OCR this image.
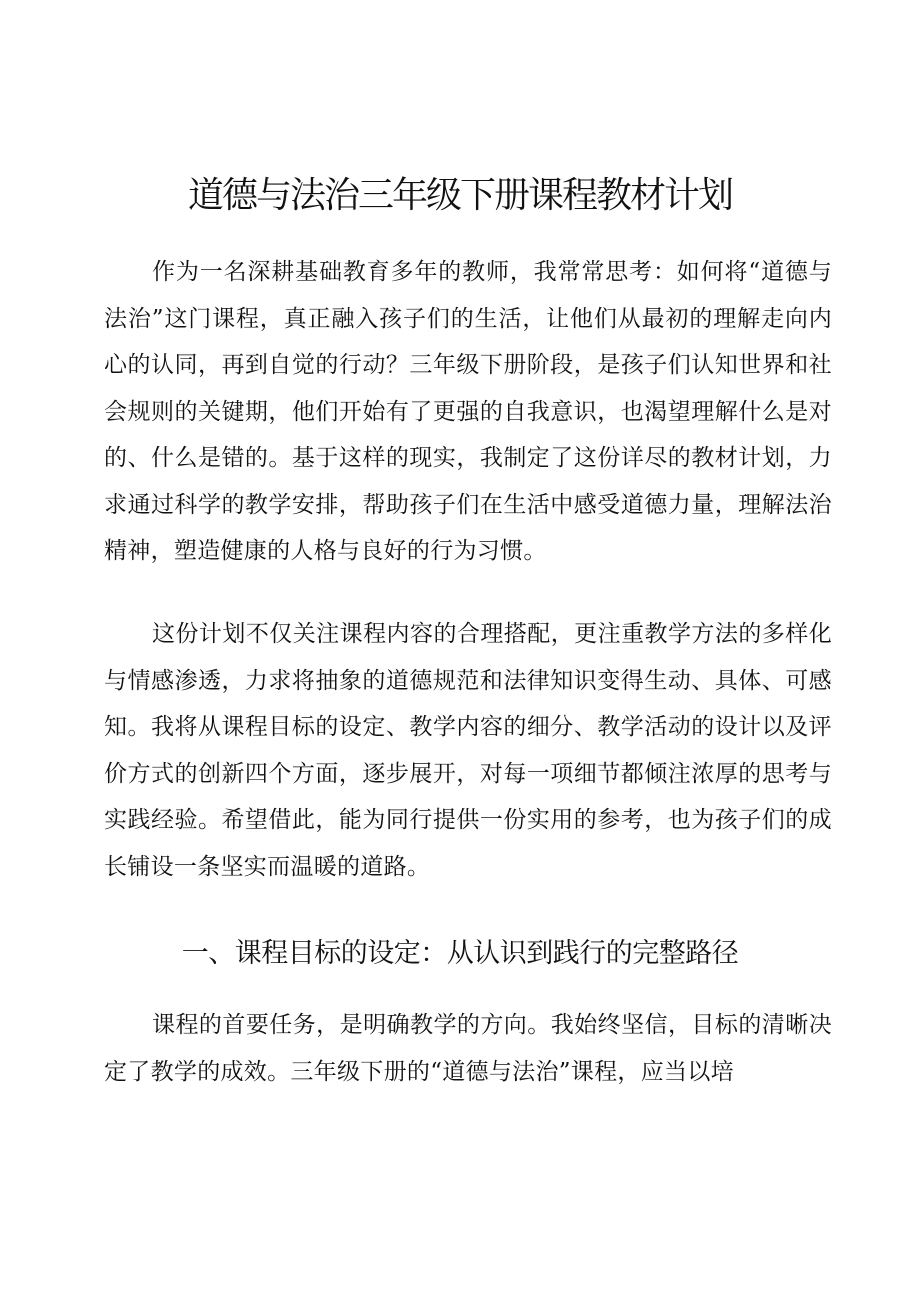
道德与法治三年级下册课程教材计划

作为一名深耕基础教育多年的教师，我常常思考：如何将“道德与法治”这门课程，真正融入孩子们的生活，让他们从最初的理解走向内心的认同，再到自觉的行动？三年级下册阶段，是孩子们认知世界和社会规则的关键期，他们开始有了更强的自我意识，也渴望理解什么是对的、什么是错的。基于这样的现实，我制定了这份详尽的教材计划，力求通过科学的教学安排，帮助孩子们在生活中感受道德力量，理解法治精神，塑造健康的人格与良好的行为习惯。

这份计划不仅关注课程内容的合理搭配，更注重教学方法的多样化与情感渗透，力求将抽象的道德规范和法律知识变得生动、具体、可感知。我将从课程目标的设定、教学内容的细分、教学活动的设计以及评价方式的创新四个方面，逐步展开，对每一项细节都倾注浓厚的思考与实践经验。希望借此，能为同行提供一份实用的参考，也为孩子们的成长铺设一条坚实而温暖的道路。

一、课程目标的设定：从认识到践行的完整路径

课程的首要任务，是明确教学的方向。我始终坚信，目标的清晰决定了教学的成效。三年级下册的“道德与法治”课程，应当以培
